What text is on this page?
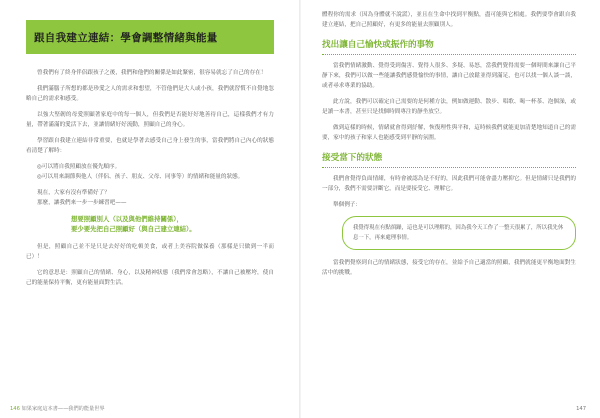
跟自我建立連結：學會調整情緒與能量

曾我們有了終身伴侶跟孩子之後，我們和他們的關係是如此緊密，很容易就忘了自己的存在！

我們滿腦子所想的都是珍愛之人的需求和想望，不管他們是大人或小孩，我們就習慣不自覺地忽略自己的需求和感受。

以強大堅韌的母愛照顧著家庭中的每一個人，但我們是否能好好地善待自己，這樣我們才有力量，帶著滿滿的愛活下去，並讓情緒好好流動，照顧自己的身心。

學習跟自我建立連結非常重要，也就是學著去感受自己身上發生的事，當我們將自己內心的狀態看清楚了解時：

◎可以將自我照顧放在優先順序。

◎可以用來調節與他人（伴侶、孩子、朋友、父母、同事等）的情緒和能量的狀態。

現在，大家有沒有準備好了？

那麼，讓我們來一步一步練習吧——

想要照顧別人（以及與他們維持關係），

要少要先把自己照顧好（與自己建立連結）。

但是，照顧自己並不是只是去好好的吃頓美食，或者上美容院做保養（那樣是只做到一半而已）！

它的意思是：照顧自己的情緒、身心，以及精神狀態（我們常會忽略），不讓自己被壓垮，使自己的能量保持平衡，更有能量面對生活。

體程你的需求（因為身體就不說謊），並且在生命中找到平衡點，盡可能與它相處。我們要學會跟自我建立連結，把自己照顧好，有更多的能量去照顧別人。

找出讓自己愉快或振作的事物

當我們情緒激動、覺得受到傷害、覺得人很多、多疑、易怒，當我們覺得需要一個時間來讓自己平靜下來，我們可以做一些能讓我們感覺愉快的事情，讓自己放鬆並得到滿足，也可以找一個人談一談，或者尋求專業的協助。

此方說，我們可以確定自己需要的是何種方法，例如做運動、散步、唱歌、喝一杯茶、泡個澡，或是讀一本書，甚至只是找個時間專注的靜坐放空。

做到這樣的時候，情緒就會得到紓解，恢復理性與平和，這時候我們就能更加清楚地知道自己的需要，家中的孩子和家人也能感受到平靜的氛圍。

接受當下的狀態

我們會覺得負面情緒，有時會被認為是不好的，因此我們可能會盡力壓抑它。但是情緒只是我們的一部分，我們不需要評斷它，而是要接受它、理解它。

舉個例子：

我覺得現在有點煩躁，這也是可以理解的，因為我今天工作了一整天很累了，所以我先休息一下，再來處理事情。

當我們覺察到自己的情緒狀態，接受它的存在，並給予自己適當的照顧，我們就能更平衡地面對生活中的挑戰。

146 如果家庭這本書——我們的能量世界	147
